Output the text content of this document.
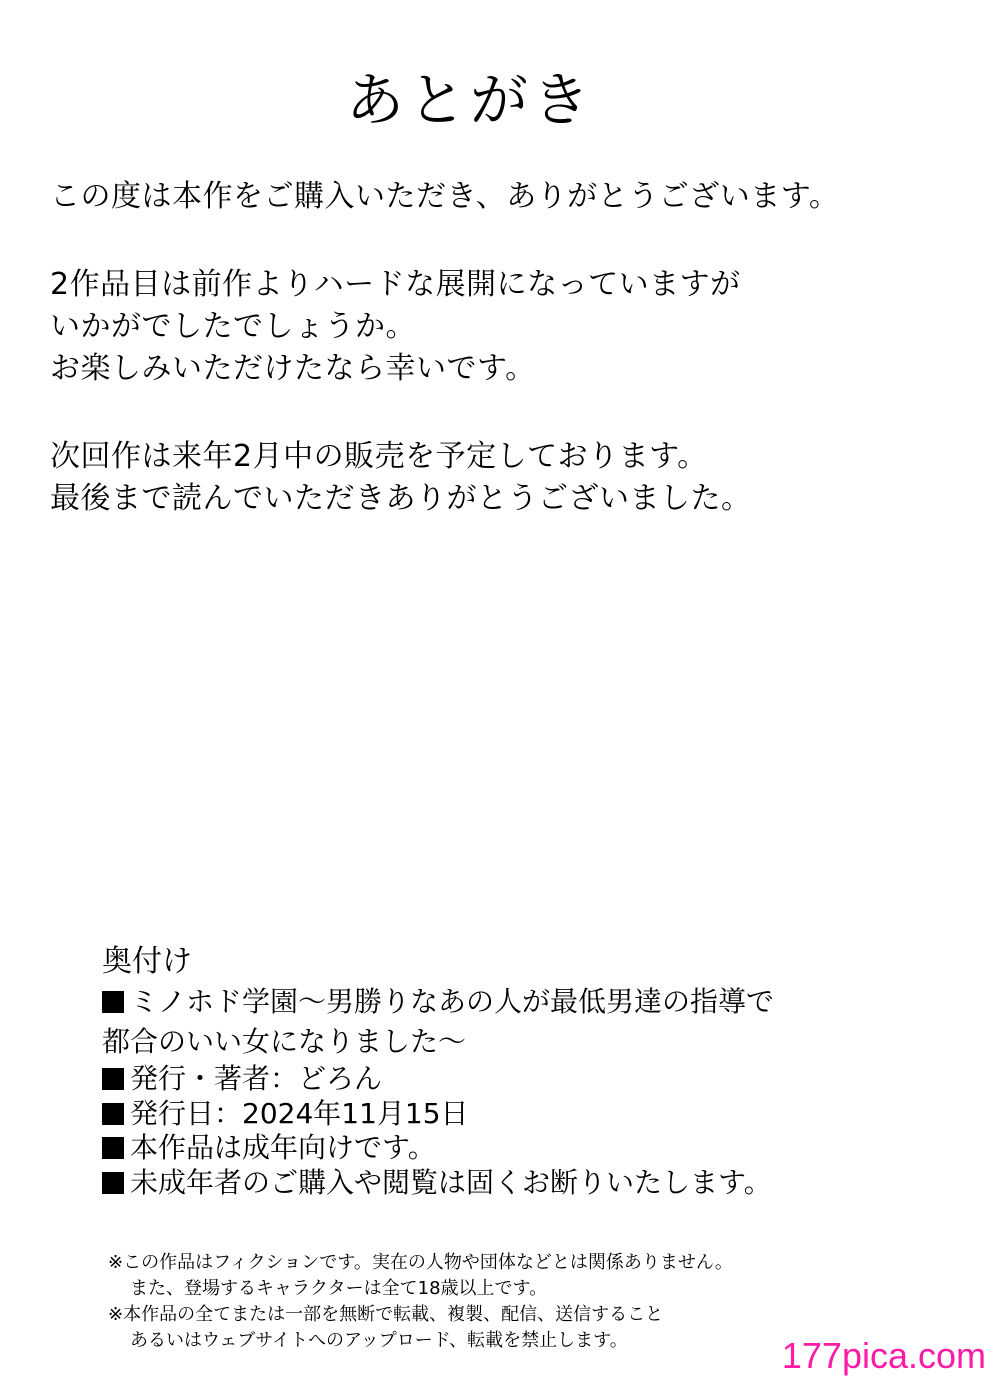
あとがき
この度は本作をご購入いただき、ありがとうございます。
2作品目は前作よりハードな展開になっていますが
いかがでしたでしょうか。
お楽しみいただけたなら幸いです。
次回作は来年2月中の販売を予定しております。
最後まで読んでいただきありがとうございました。
奥付け
ミノホド学園～男勝りなあの人が最低男達の指導で
都合のいい女になりました～
発行・著者：どろん
発行日：2024年11月15日
本作品は成年向けです。
未成年者のご購入や閲覧は固くお断りいたします。
※この作品はフィクションです。実在の人物や団体などとは関係ありません。
また、登場するキャラクターは全て18歳以上です。
※本作品の全てまたは一部を無断で転載、複製、配信、送信すること
あるいはウェブサイトへのアップロード、転載を禁止します。	177pica.com
